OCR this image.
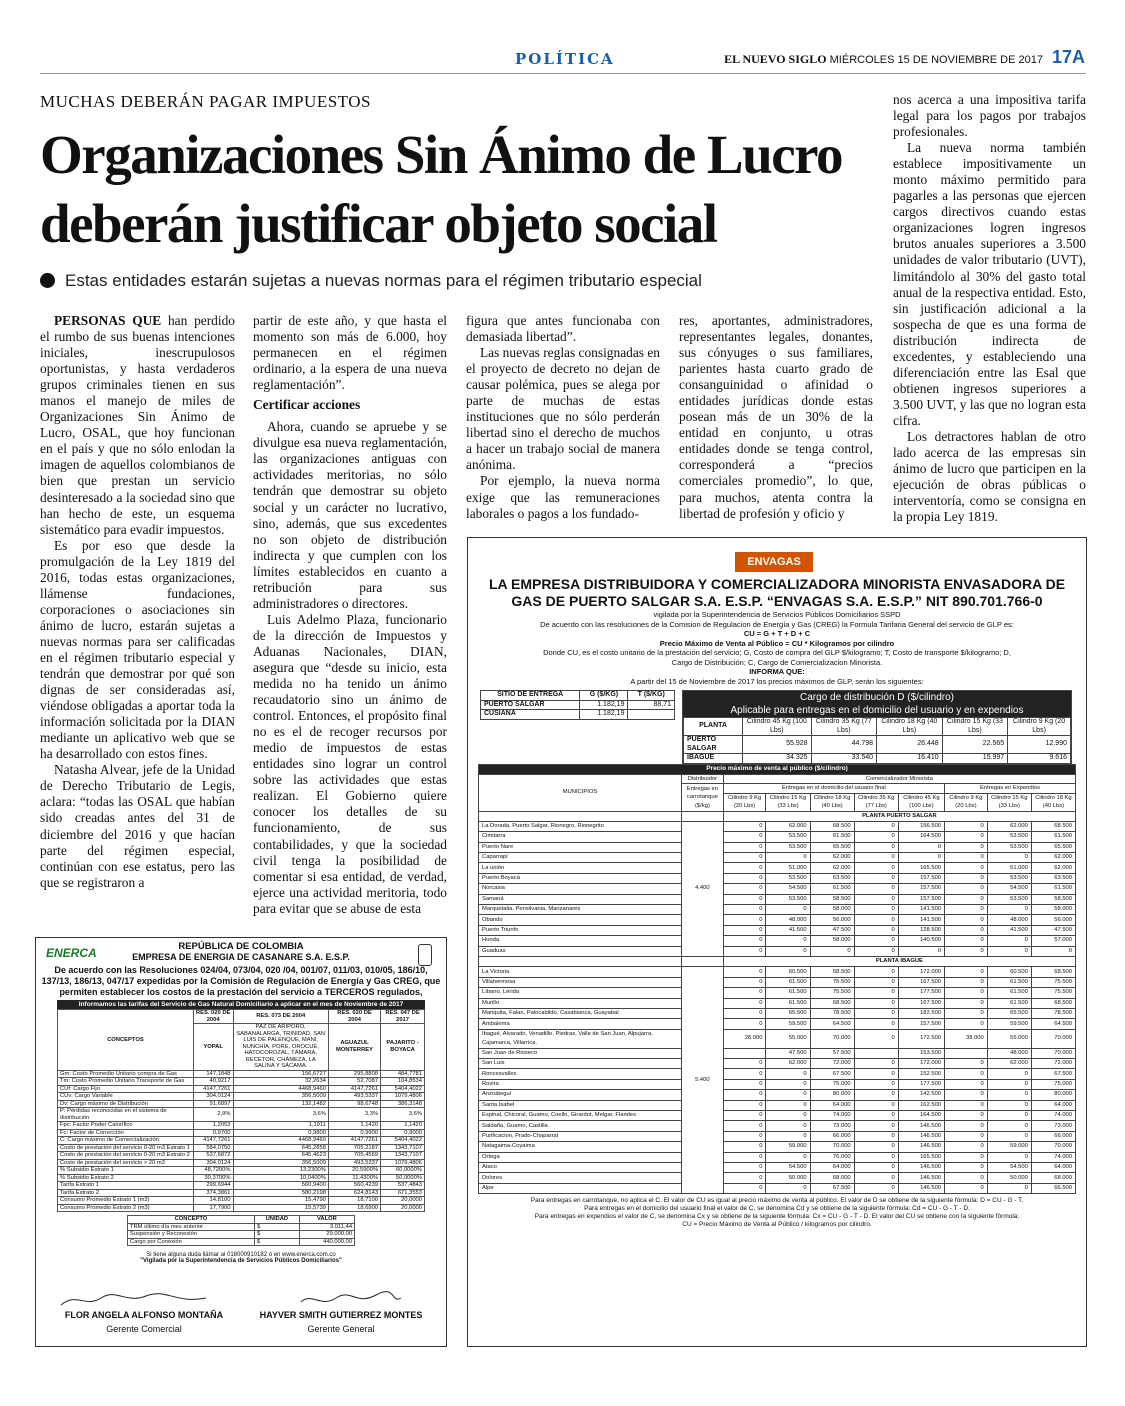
POLÍTICA	EL NUEVO SIGLO MIÉRCOLES 15 DE NOVIEMBRE DE 2017 17A
MUCHAS DEBERÁN PAGAR IMPUESTOS
Organizaciones Sin Ánimo de Lucro deberán justificar objeto social
Estas entidades estarán sujetas a nuevas normas para el régimen tributario especial

PERSONAS QUE han perdido el rumbo de sus buenas intenciones iniciales, inescrupulosos oportunistas, y hasta verdaderos grupos criminales tienen en sus manos el manejo de miles de Organizaciones Sin Ánimo de Lucro, OSAL, que hoy funcionan en el país y que no sólo enlodan la imagen de aquellos colombianos de bien que prestan un servicio desinteresado a la sociedad sino que han hecho de este, un esquema sistemático para evadir impuestos.

Es por eso que desde la promulgación de la Ley 1819 del 2016, todas estas organizaciones, llámense fundaciones, corporaciones o asociaciones sin ánimo de lucro, estarán sujetas a nuevas normas para ser calificadas en el régimen tributario especial y tendrán que demostrar por qué son dignas de ser consideradas así, viéndose obligadas a aportar toda la información solicitada por la DIAN mediante un aplicativo web que se ha desarrollado con estos fines.

Natasha Alvear, jefe de la Unidad de Derecho Tributario de Legis, aclara: “todas las OSAL que habían sido creadas antes del 31 de diciembre del 2016 y que hacían parte del régimen especial, continúan con ese estatus, pero las que se registraron a

partir de este año, y que hasta el momento son más de 6.000, hoy permanecen en el régimen ordinario, a la espera de una nueva reglamentación”.

Certificar acciones

Ahora, cuando se apruebe y se divulgue esa nueva reglamentación, las organizaciones antiguas con actividades meritorias, no sólo tendrán que demostrar su objeto social y un carácter no lucrativo, sino, además, que sus excedentes no son objeto de distribución indirecta y que cumplen con los límites establecidos en cuanto a retribución para sus administradores o directores.

Luis Adelmo Plaza, funcionario de la dirección de Impuestos y Aduanas Nacionales, DIAN, asegura que “desde su inicio, esta medida no ha tenido un ánimo recaudatorio sino un ánimo de control. Entonces, el propósito final no es el de recoger recursos por medio de impuestos de estas entidades sino lograr un control sobre las actividades que estas realizan. El Gobierno quiere conocer los detalles de su funcionamiento, de sus contabilidades, y que la sociedad civil tenga la posibilidad de comentar si esa entidad, de verdad, ejerce una actividad meritoria, todo para evitar que se abuse de esta

figura que antes funcionaba con demasiada libertad”.

Las nuevas reglas consignadas en el proyecto de decreto no dejan de causar polémica, pues se alega por parte de muchas de estas instituciones que no sólo perderán libertad sino el derecho de muchos a hacer un trabajo social de manera anónima.

Por ejemplo, la nueva norma exige que las remuneraciones laborales o pagos a los fundado-

res, aportantes, administradores, representantes legales, donantes, sus cónyuges o sus familiares, parientes hasta cuarto grado de consanguinidad o afinidad o entidades jurídicas donde estas posean más de un 30% de la entidad en conjunto, u otras entidades donde se tenga control, corresponderá a “precios comerciales promedio”, lo que, para muchos, atenta contra la libertad de profesión y oficio y

nos acerca a una impositiva tarifa legal para los pagos por trabajos profesionales.

La nueva norma también establece impositivamente un monto máximo permitido para pagarles a las personas que ejercen cargos directivos cuando estas organizaciones logren ingresos brutos anuales superiores a 3.500 unidades de valor tributario (UVT), limitándolo al 30% del gasto total anual de la respectiva entidad. Esto, sin justificación adicional a la sospecha de que es una forma de distribución indirecta de excedentes, y estableciendo una diferenciación entre las Esal que obtienen ingresos superiores a 3.500 UVT, y las que no logran esta cifra.

Los detractores hablan de otro lado acerca de las empresas sin ánimo de lucro que participen en la ejecución de obras públicas o interventoría, como se consigna en la propia Ley 1819.

ENERCA	REPÚBLICA DE COLOMBIA
EMPRESA DE ENERGIA DE CASANARE S.A. E.S.P.
De acuerdo con las Resoluciones 024/04, 073/04, 020 /04, 001/07, 011/03, 010/05, 186/10, 137/13, 186/13, 047/17 expedidas por la Comisión de Regulación de Energía y Gas CREG, que permiten establecer los costos de la prestación del servicio a TERCEROS regulados,
Informamos las tarifas del Servicio de Gas Natural Domiciliario a aplicar en el mes de Noviembre de 2017
CONCEPTOS	RES. 020 DE 2004	RES. 073 DE 2004	RES. 020 DE 2004	RES. 047 DE 2017
	YOPAL	PAZ DE ARIPORO, SABANALARGA, TRINIDAD, SAN LUIS DE PALENQUE, MANÍ, NUNCHÍA, PORE, OROCUÉ, HATOCOROZAL, TÁMARA, RECETOR, CHÁMEZA, LA SALINA Y SÁCAMA.	AGUAZUL MONTERREY	PAJARITO - BOYACA
Gm: Costo Promedio Unitario compra de Gas	147,1848	156,6727	295,8808	484,7781
Tm: Costo Promedio Unitario Transporte de Gas	40,9217	32,2634	52,7087	104,8534
CUf: Cargo Fijo	4147,7261	4468,9460	4147,7261	5404,4022
CUv: Cargo Variable	304,0124	356,5009	493,5337	1079,4806
Dv: Cargo máximo de Distribución	91,6897	132,1482	98,6748	386,3148
P: Pérdidas reconocidas en el sistema de distribución	2,9%	3,6%	3,3%	3,6%
Fpc: Factor Poder Calorífico	1,2053	1,1911	1,1420	1,1420
Fc: Factor de Corrección	0,9700	0,9800	0,9900	0,9000
C: Cargo máximo de Comercialización	4147,7261	4468,9460	4147,7261	5404,4022
Costo de prestación del servicio 0-20 m3 Estrato 1	584,0750	645,2858	705,2187	1343,7107
Costo de prestación del servicio 0-20 m3 Estrato 2	537,6872	645,4623	705,4569	1343,7107
Costo de prestación del servicio > 20 m3	304,0124	356,5009	493,5337	1079,4806
% Subsidio Estrato 1	48,7200%	13,2300%	20,5900%	60,0000%
% Subsidio Estrato 2	30,3700%	10,0400%	11,4300%	50,0000%
Tarifa Estrato 1	299,6944	560,9400	560,4239	537,4843
Tarifa Estrato 2	374,3861	580,2198	624,8143	671,3553
Consumo Promedio Estrato 1 (m3)	14,8100	15,4790	18,7100	20,0000
Consumo Promedio Estrato 2 (m3)	17,7900	15,5739	18,6900	20,0000
CONCEPTO	UNIDAD	VALOR
TRM último día mes anterior	$	3.011,44
Suspensión y Reconexión	$	29.000,00
Cargo por Conexión	$	440.000,00
Si tiene alguna duda llámar al 018000910182 ó en www.enerca.com.co
"Vigilada por la Superintendencia de Servicios Públicos Domiciliarios"
FLOR ANGELA ALFONSO MONTAÑA
Gerente Comercial
HAYVER SMITH GUTIERREZ MONTES
Gerente General
ENVAGAS
LA EMPRESA DISTRIBUIDORA Y COMERCIALIZADORA MINORISTA ENVASADORA DE GAS DE PUERTO SALGAR S.A. E.S.P. “ENVAGAS S.A. E.S.P.” NIT 890.701.766-0
vigilada por la Superintendencia de Servicios Públicos Domiciliarios SSPD
De acuerdo con las resoluciones de la Comision de Regulacion de Energía y Gas (CREG) la Formula Tarifaria General del servicio de GLP es:
CU = G + T + D + C
Precio Máximo de Venta al Público = CU * Kilogramos por cilindro
Donde CU, es el costo unitario de la prestación del servicio; G, Costo de compra del GLP $/kilogramo; T, Costo de transporte $/kilogramo; D, Cargo de Distribución; C, Cargo de Comercializacion Minorista.
INFORMA QUE:
A partir del 15 de Noviembre de 2017 los precios máximos de GLP, serán los siguientes:
SITIO DE ENTREGA	G ($/KG)	T ($/KG)
PUERTO SALGAR	1.182,19	88,71
CUSIANA	1.182,19	
Cargo de distribución D ($/cilindro)
Aplicable para entregas en el domicilio del usuario y en expendios
PLANTA	Cilindro 45 Kg (100 Lbs)	Cilindro 35 Kg (77 Lbs)	Cilindro 18 Kg (40 Lbs)	Cilindro 15 Kg (33 Lbs)	Cilindro 9 Kg (20 Lbs)
PUERTO SALGAR	55.928	44.798	26.448	22.565	12.990
IBAGUE	34.325	33.540	16.410	15.997	9.616
Precio máximo de venta al público ($/cilindro)									
MUNICIPIOS	Distribuidor	Comercializador Minorista							
	Entregas en carrotanque ($/kg)	Entregas en el domicilio del usuario final					Entregas en Expendios		
		Cilindro 9 Kg (20 Lbs)	Cilindro 15 Kg (33 Lbs)	Cilindro 18 Kg (40 Lbs)	Cilindro 35 Kg (77 Lbs)	Cilindro 45 Kg (100 Lbs)	Cilindro 9 Kg (20 Lbs)	Cilindro 15 Kg (33 Lbs)	Cilindro 18 Kg (40 Lbs)
		PLANTA PUERTO SALGAR							
La Dorada, Puerto Salgar, Rionegro, Rionegrito	4.400	0	62.000	68.500	0	156.500	0	62.000	68.500
Cimitarra		0	53.500	61.500	0	164.500	0	53.500	61.500
Puerto Nare		0	53.500	65.500	0	0	0	53.500	65.500
Caparrapí		0	0	62.000	0	0	0	0	62.000
La unión		0	51.000	62.000	0	165.500	0	51.000	62.000
Puerto Boyacá		0	53.500	63.500	0	157.500	0	53.500	63.500
Norcasia		0	54.500	61.500	0	157.500	0	54.500	61.500
Samaná		0	53.500	58.500	0	157.500	0	53.500	58.500
Marquetalia, Pensilvania, Manzanares		0	0	58.000	0	141.500	0	0	58.000
Obando		0	48.000	56.000	0	141.500	0	48.000	56.000
Puerto Triunfo		0	41.500	47.500	0	128.500	0	41.500	47.500
Honda		0	0	58.000	0	140.500	0	0	57.000
Guaduas		0	0	0	0	0	0	0	0
		PLANTA IBAGUE							
La Victoria	5.400	0	60.500	68.500	0	172.000	0	60.500	68.500
Villahermosa		0	61.500	75.500	0	167.500	0	61.500	75.500
Líbano, Lérida		0	61.500	75.500	0	177.500	0	61.500	75.500
Murillo		0	61.500	68.500	0	167.500	0	61.500	68.500
Mariquita, Falan, Palocabildo, Casabianca, Guayabal		0	65.500	78.500	0	182.500	0	65.500	78.500
Ambalema		0	59.500	64.500	0	157.500	0	59.500	64.500
Ibagué, Alvarado, Venadillo, Piedras, Valle de San Juan, Alpujarra, Cajamarca, Villarrica.		28.000	55.000	70.000	0	172.500	38.000	55.000	70.000
San Juan de Rioseco			47.500	57.500		153.500		48.000	70.000
San Luis		0	62.000	72.000	0	172.000	0	62.000	72.000
Roncesvalles		0	0	67.500	0	152.500	0	0	67.500
Rovira		0	0	75.000	0	177.500	0	0	75.000
Anzoátegui		0	0	80.000	0	142.500	0	0	80.000
Santa Isabel		0	0	64.000	0	162.500	0	0	64.000
Espinal, Chicoral, Guamo, Coello, Girardot, Melgar, Flandes		0	0	74.000	0	164.500	0	0	74.000
Saldaña, Guamo, Castilla		0	0	73.000	0	146.500	0	0	73.000
Purificacion, Prado-Chaparral		0	0	66.000	0	146.500	0	0	66.000
Natagaima-Coyaima		0	59.000	70.000	0	146.500	0	59.000	70.000
Ortega		0	0	76.000	0	165.500	0	0	74.000
Ataco		0	54.500	64.000	0	146.500	0	54.500	64.000
Dolores		0	50.000	68.000	0	146.500	0	50.000	68.000
Alpe		0	0	67.500	0	146.500	0	0	66.500
Para entregas en carrotanque, no aplica el C. El valor de CU es igual al precio máximo de venta al público. El valor de D se obtiene de la siguiente fórmula: D = CU - G - T.
Para entregas en el domicilio del usuario final el valor de C, se denomina Cd y se obtiene de la siguiente fórmula: Cd = CU - G - T - D.
Para entregas en expendios el valor de C, se denomina Cx y se obtiene de la siguiente fórmula: Cx = CU - G - T - D. El valor del CU se obtiene con la siguiente fórmula:
CU = Precio Máximo de Venta al Público / kilogramos por cilindro.
